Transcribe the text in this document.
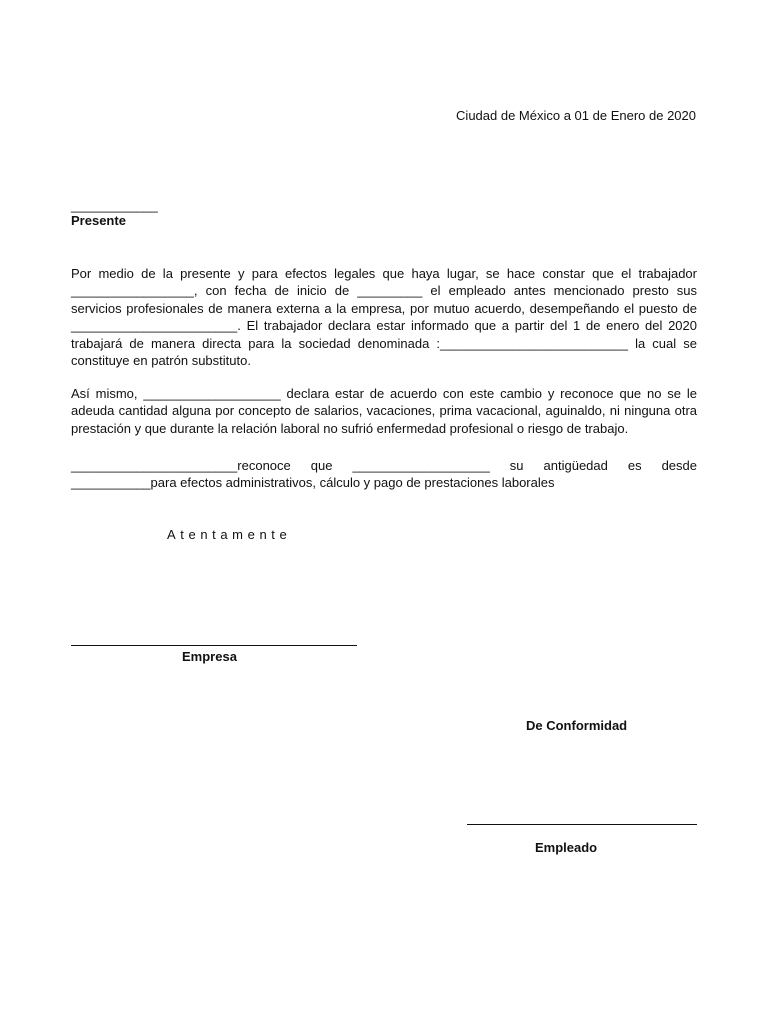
Ciudad de México a 01 de Enero de 2020
____________
Presente
Por medio de la presente y para efectos legales que haya lugar, se hace constar que el trabajador _________________, con fecha de inicio de _________ el empleado antes mencionado presto sus servicios profesionales de manera externa a la empresa, por mutuo acuerdo, desempeñando el puesto de _______________________. El trabajador declara estar informado que a partir del 1 de enero del 2020 trabajará de manera directa para la sociedad denominada :__________________________ la cual se constituye en patrón substituto.
Así mismo, ___________________ declara estar de acuerdo con este cambio y reconoce que no se le adeuda cantidad alguna por concepto de salarios, vacaciones, prima vacacional, aguinaldo, ni ninguna otra prestación y que durante la relación laboral no sufrió enfermedad profesional o riesgo de trabajo.
_______________________reconoce que ___________________ su antigüedad es desde ___________para efectos administrativos, cálculo y pago de prestaciones laborales
Atentamente
Empresa
De Conformidad
Empleado
